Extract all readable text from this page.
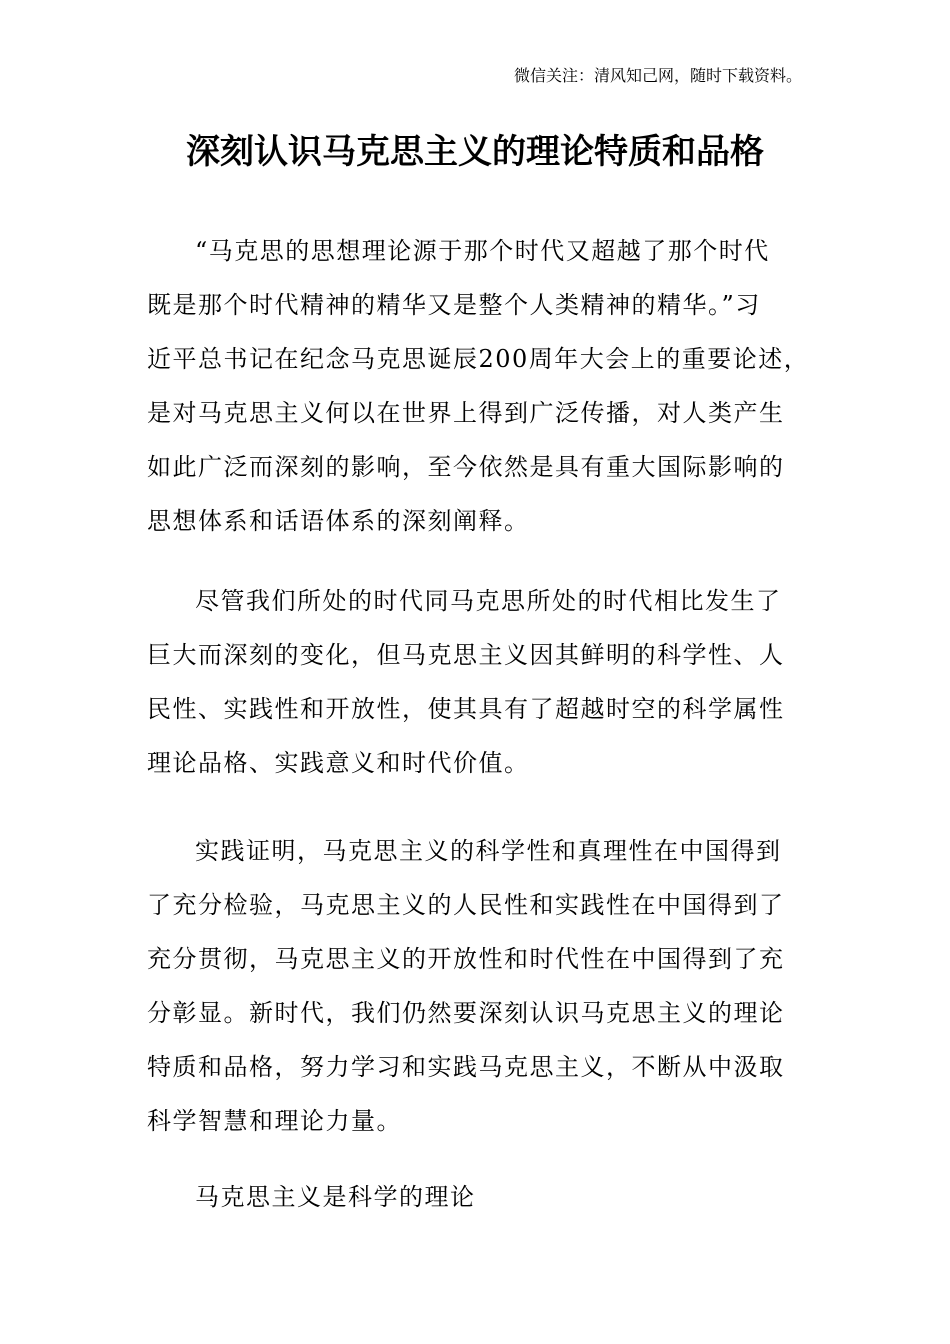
微信关注：清风知己网，随时下载资料。
深刻认识马克思主义的理论特质和品格
“马克思的思想理论源于那个时代又超越了那个时代
既是那个时代精神的精华又是整个人类精神的精华。”习
近平总书记在纪念马克思诞辰200周年大会上的重要论述，
是对马克思主义何以在世界上得到广泛传播，对人类产生
如此广泛而深刻的影响，至今依然是具有重大国际影响的
思想体系和话语体系的深刻阐释。
尽管我们所处的时代同马克思所处的时代相比发生了
巨大而深刻的变化，但马克思主义因其鲜明的科学性、人
民性、实践性和开放性，使其具有了超越时空的科学属性
理论品格、实践意义和时代价值。
实践证明，马克思主义的科学性和真理性在中国得到
了充分检验，马克思主义的人民性和实践性在中国得到了
充分贯彻，马克思主义的开放性和时代性在中国得到了充
分彰显。新时代，我们仍然要深刻认识马克思主义的理论
特质和品格，努力学习和实践马克思主义，不断从中汲取
科学智慧和理论力量。
马克思主义是科学的理论
